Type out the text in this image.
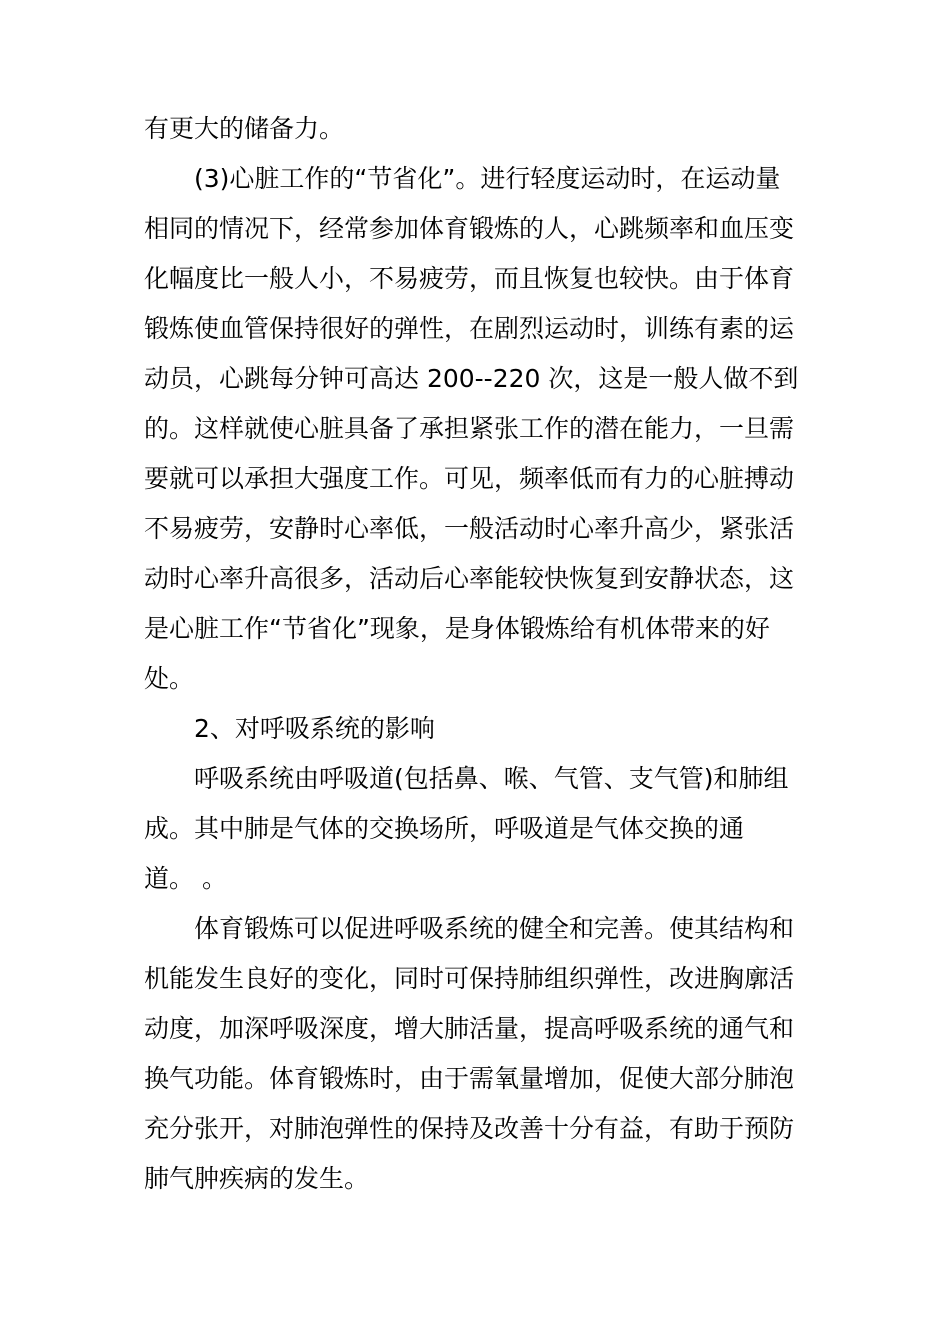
有更大的储备力。

(3)心脏工作的“节省化”。进行轻度运动时，在运动量

相同的情况下，经常参加体育锻炼的人，心跳频率和血压变

化幅度比一般人小，不易疲劳，而且恢复也较快。由于体育

锻炼使血管保持很好的弹性，在剧烈运动时，训练有素的运

动员，心跳每分钟可高达 200--220 次，这是一般人做不到

的。这样就使心脏具备了承担紧张工作的潜在能力，一旦需

要就可以承担大强度工作。可见，频率低而有力的心脏搏动

不易疲劳，安静时心率低，一般活动时心率升高少，紧张活

动时心率升高很多，活动后心率能较快恢复到安静状态，这

是心脏工作“节省化”现象，是身体锻炼给有机体带来的好

处。

2、对呼吸系统的影响

呼吸系统由呼吸道(包括鼻、喉、气管、支气管)和肺组

成。其中肺是气体的交换场所，呼吸道是气体交换的通

道。 。

体育锻炼可以促进呼吸系统的健全和完善。使其结构和

机能发生良好的变化，同时可保持肺组织弹性，改进胸廓活

动度，加深呼吸深度，增大肺活量，提高呼吸系统的通气和

换气功能。体育锻炼时，由于需氧量增加，促使大部分肺泡

充分张开，对肺泡弹性的保持及改善十分有益，有助于预防

肺气肿疾病的发生。
